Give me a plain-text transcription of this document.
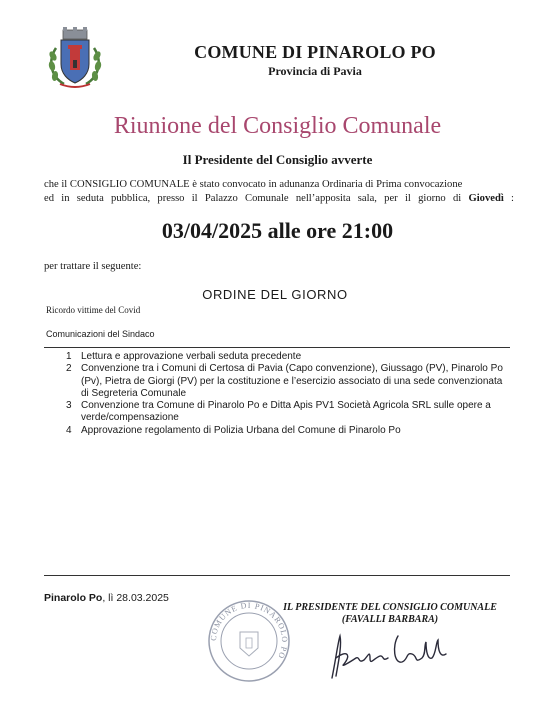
COMUNE DI PINAROLO PO
Provincia di Pavia
Riunione del Consiglio Comunale
Il Presidente del Consiglio avverte
che il CONSIGLIO COMUNALE è stato convocato in adunanza Ordinaria di Prima convocazione
ed in seduta pubblica, presso il Palazzo Comunale nell’apposita sala, per il giorno di Giovedì :
03/04/2025 alle ore 21:00
per trattare il seguente:
ORDINE DEL GIORNO
Ricordo vittime del Covid
Comunicazioni del Sindaco
1 Lettura e approvazione verbali seduta precedente
2 Convenzione tra i Comuni di Certosa di Pavia (Capo convenzione), Giussago (PV), Pinarolo Po (Pv), Pietra de Giorgi (PV) per la costituzione e l’esercizio associato di una sede convenzionata di Segreteria Comunale
3 Convenzione tra Comune di Pinarolo Po e Ditta Apis PV1 Società Agricola SRL sulle opere a verde/compensazione
4 Approvazione regolamento di Polizia Urbana del Comune di Pinarolo Po
Pinarolo Po, lì 28.03.2025
COMUNE DI PINAROLO PO
IL PRESIDENTE DEL CONSIGLIO COMUNALE
(FAVALLI BARBARA)
